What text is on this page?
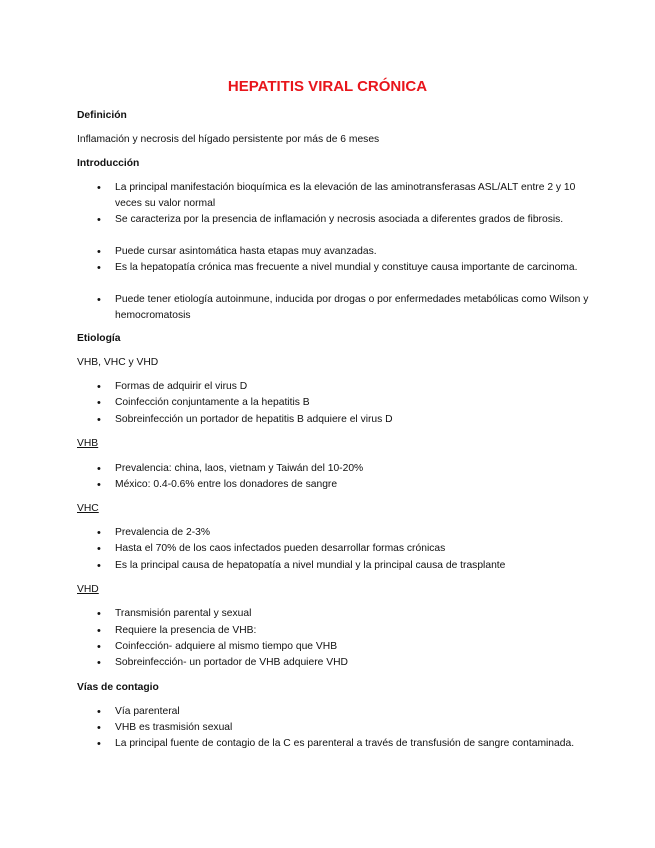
HEPATITIS VIRAL CRÓNICA
Definición
Inflamación y necrosis del hígado persistente por más de 6 meses
Introducción
• La principal manifestación bioquímica es la elevación de las aminotransferasas ASL/ALT entre 2 y 10 veces su valor normal
• Se caracteriza por la presencia de inflamación y necrosis asociada a diferentes grados de fibrosis.
• Puede cursar asintomática hasta etapas muy avanzadas.
• Es la hepatopatía crónica mas frecuente a nivel mundial y constituye causa importante de carcinoma.
• Puede tener etiología autoinmune, inducida por drogas o por enfermedades metabólicas como Wilson y hemocromatosis
Etiología
VHB, VHC y VHD
• Formas de adquirir el virus D
• Coinfección conjuntamente a la hepatitis B
• Sobreinfección un portador de hepatitis B adquiere el virus D
VHB
• Prevalencia: china, laos, vietnam y Taiwán del 10-20%
• México: 0.4-0.6% entre los donadores de sangre
VHC
• Prevalencia de 2-3%
• Hasta el 70% de los caos infectados pueden desarrollar formas crónicas
• Es la principal causa de hepatopatía a nivel mundial y la principal causa de trasplante
VHD
• Transmisión parental y sexual
• Requiere la presencia de VHB:
• Coinfección- adquiere al mismo tiempo que VHB
• Sobreinfección- un portador de VHB adquiere VHD
Vías de contagio
• Vía parenteral
• VHB es trasmisión sexual
• La principal fuente de contagio de la C es parenteral a través de transfusión de sangre contaminada.
